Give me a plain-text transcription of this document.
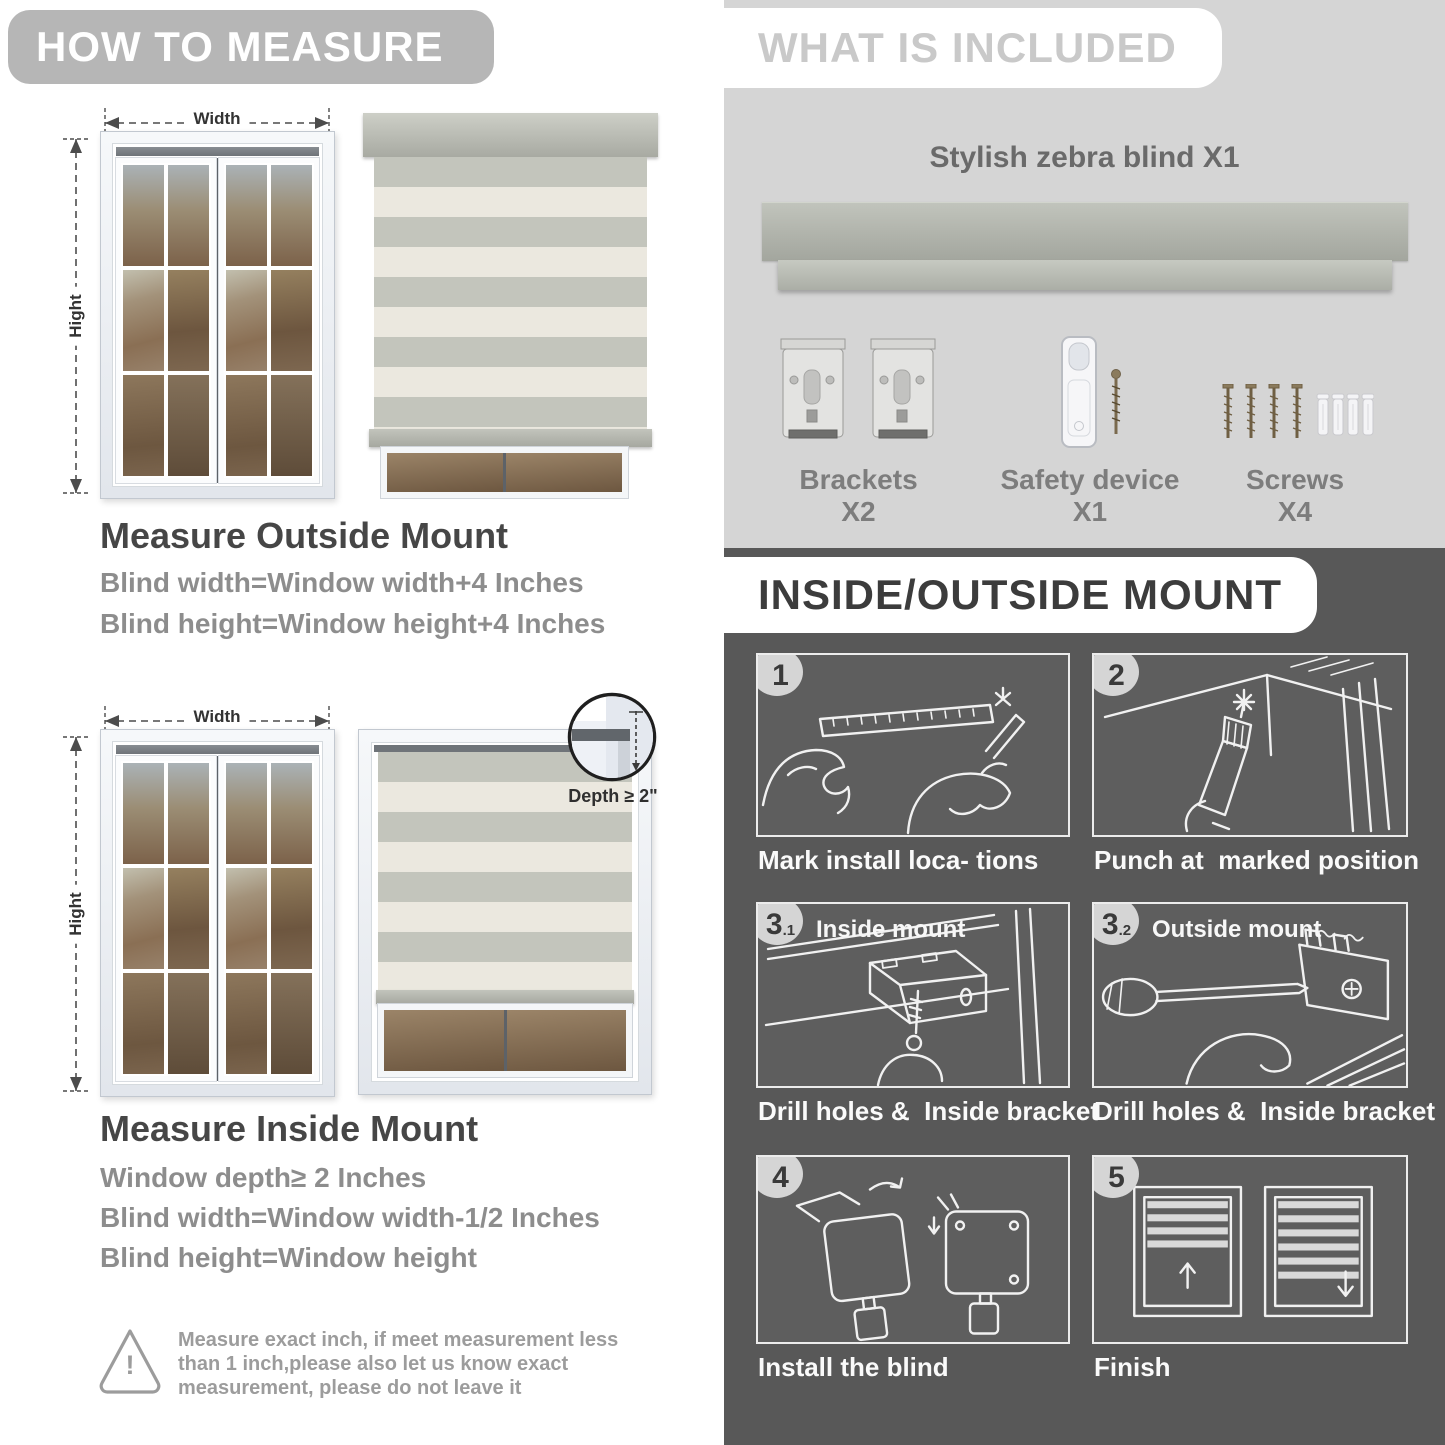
HOW TO MEASURE
Width
Hight
Measure Outside Mount
Blind width=Window width+4 Inches
Blind height=Window height+4 Inches
Width
Hight
Depth ≥ 2"
Measure Inside Mount
Window depth≥ 2 Inches
Blind width=Window width-1/2 Inches
Blind height=Window height
!
Measure exact inch, if meet measurement less
than 1 inch,please also let us know exact
measurement, please do not leave it
WHAT IS INCLUDED
Stylish zebra blind X1
Brackets X2
Safety device X1
Screws X4
INSIDE/OUTSIDE MOUNT
1
Mark install loca- tions
2
Punch at  marked position
3 .1 Inside mount
Drill holes &  Inside bracket
3 .2 Outside mount
Drill holes &  Inside bracket
4
Install the blind
5
Finish
